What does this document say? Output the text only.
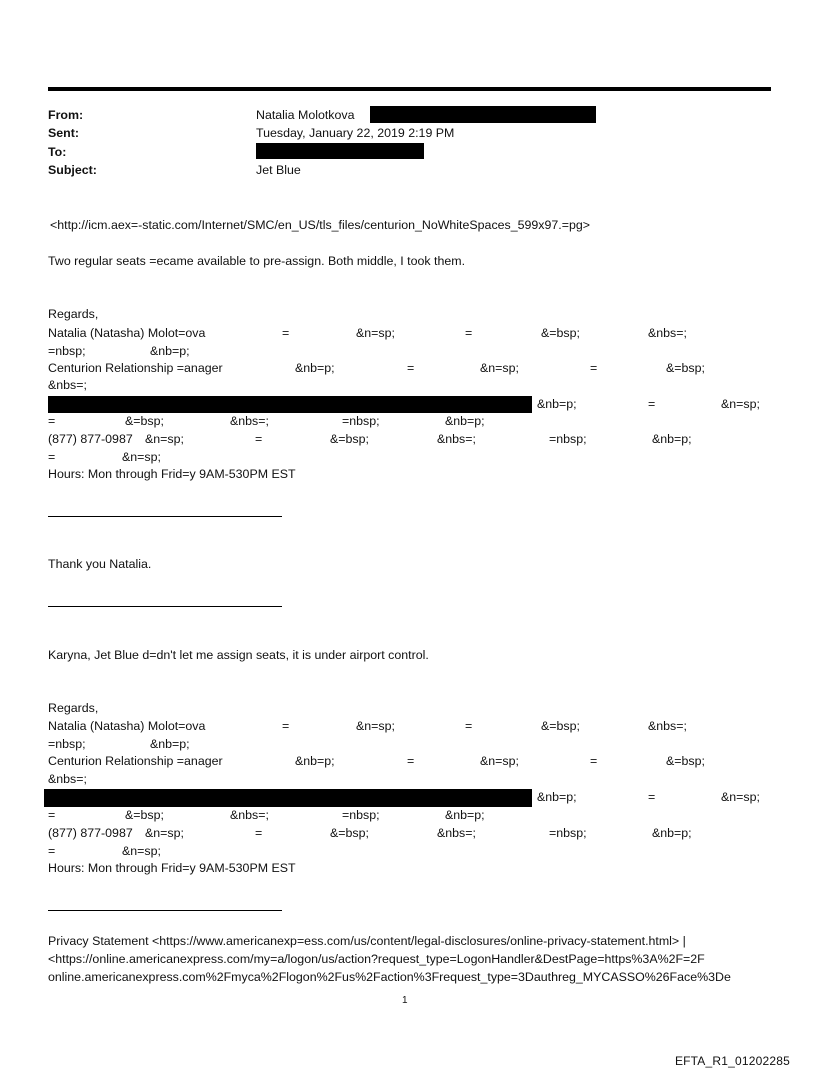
From:	Natalia Molotkova
Sent:	Tuesday, January 22, 2019 2:19 PM
To:
Subject:	Jet Blue
<http://icm.aex=-static.com/Internet/SMC/en_US/tls_files/centurion_NoWhiteSpaces_599x97.=pg>
Two regular seats =ecame available to pre-assign. Both middle, I took them.
Regards,
Natalia (Natasha) Molot=ova	=	&n=sp;	=	&=bsp;	&nbs=;
=nbsp;	&nb=p;
Centurion Relationship =anager	&nb=p;	=	&n=sp;	=	&=bsp;
&nbs=;
&nb=p;	=	&n=sp;
=	&=bsp;	&nbs=;	=nbsp;	&nb=p;
(877) 877-0987 &n=sp;	=	&=bsp;	&nbs=;	=nbsp;	&nb=p;
=	&n=sp;
Hours: Mon through Frid=y 9AM-530PM EST
Thank you Natalia.
Karyna, Jet Blue d=dn't let me assign seats, it is under airport control.
Regards,
Natalia (Natasha) Molot=ova	=	&n=sp;	=	&=bsp;	&nbs=;
=nbsp;	&nb=p;
Centurion Relationship =anager	&nb=p;	=	&n=sp;	=	&=bsp;
&nbs=;
&nb=p;	=	&n=sp;
=	&=bsp;	&nbs=;	=nbsp;	&nb=p;
(877) 877-0987 &n=sp;	=	&=bsp;	&nbs=;	=nbsp;	&nb=p;
=	&n=sp;
Hours: Mon through Frid=y 9AM-530PM EST
Privacy Statement <https://www.americanexp=ess.com/us/content/legal-disclosures/online-privacy-statement.html> |
<https://online.americanexpress.com/my=a/logon/us/action?request_type=LogonHandler&DestPage=https%3A%2F=2F
online.americanexpress.com%2Fmyca%2Flogon%2Fus%2Faction%3Frequest_type=3Dauthreg_MYCASSO%26Face%3De
1
EFTA_R1_01202285
